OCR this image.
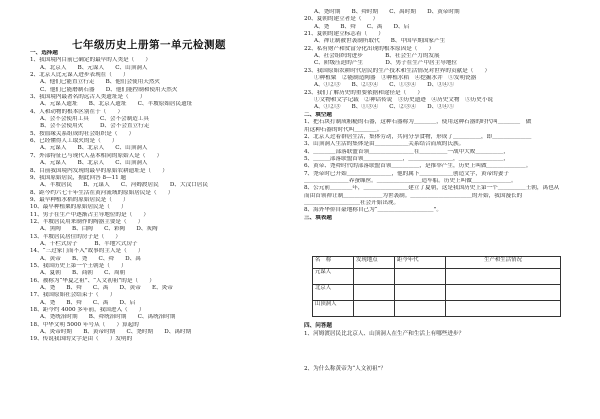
七年级历史上册第一单元检测题
一、选择题
1、我国境内目前已确定的最早的人类是（　　）
A、北京人　　B、元谋人　　C、山顶洞人
2、北京人比元谋人进步表现在（　　）
A、他们已能直立行走　　B、他们会使用天然火
C、他们已能磨制石器　　D、他们能控制和使用天然火
3、我国境内最著名的远古人类遗址是（　　）
A、元谋人遗址　　B、北京人遗址　　C、半坡原始居民遗址
4、人和动物的根本区别在于（　　）
A、会不会使用工具　　C、会不会制造工具
B、会不会使用火　　　D、会不会直立行走
5、按血缘关系组成的社会组织是（　　）
6、已经懂得人工取火的是（　　）
A、元谋人　　B、北京人　　C、山顶洞人
7、外部特征已与现代人基本相同的原始人是（　　）
A、元谋人　　B、北京人　　C、山顶洞人
8、目前我国境内发现的最早的原始农耕遗址是（　　）
9、我国原始居民，据此回答 8—11 题
A、半坡居民　　B、元谋人　　C、河姆渡居民　　D、大汶口居民
8、距今约六七千年生活在黄河流域的原始居民是（　　）
9、最早种植水稻的原始居民是（　　）
10、最早种植粟的原始居民是（　　）
11、男子在生产中逐渐占主导地位的是（　　）
12、半坡居民用来制作的陶器主要是（　　）
A、黑陶　　B、白陶　　C、彩陶　　D、灰陶
13、半坡居民居住的房子是（　　）
A、干栏式房子　　　B、半地穴式房子
14、“三过家门而不入”故事的主人是（　　）
A、黄帝　　B、尧　　C、舜　　D、禹
15、我国历史上第一个王朝是（　　）
A、夏朝　　B、商朝　　C、周朝
16、被称为“华夏之祖”、“人文初祖”的是（　　）
A、尧　　B、舜　　C、禹　　D、黄帝　　E、炎帝
17、我国原始社会结束于（　　）
A、尧　　B、舜　　C、禹　　D、启
18、距今约 4000 多年前，我国进入（　　）
A、尧统治时期　　B、舜统治时期　　C、禹统治时期
18、中华文明 5000 年号从（　　）算起的
A、炎帝时期　　B、黄帝时期　　C、尧时期　　D、禹时期
19、传说我国的文字是由（　　）发明的
A、尧时期　　B、舜时期　　C、禹时期　　D、黄帝时期
20、夏朝的建立者是（　　）
A、尧　　B、舜　　C、禹　　D、启
21、夏朝的建立标志着（　　）
A、禅让制被世袭制所取代　　B、中国早期国家产生
22、私有财产和贫富分化出现的根本原因是（　　）
A、社会组织的进步　　　　B、社会生产力的发展
C、阶级压迫的产生　　　　D、男子在生产中居主导地位
23、我国原始农耕时代居民的生产技术和生活情况对世界的贡献是（　　）
①种植粟　②能制造陶器　③种植水稻　④挖掘水井　⑤发明瓷器
A、①②③　　B、②③④　　C、①③④　　D、③④⑤
23、我们了解历史的重要依据和途径是（　　）
①文物和文字记载　②神话传说　③历史遗迹　④历史文物　⑤历史小说
A、①②③　　B、①③④　　C、②③④　　D、③④⑤
二、填空题
1、把石块打制成粗糙的石器，这种石器称为＿＿＿＿，使用这种石器的时代叫＿＿＿＿　做
用这种石器的时代叫＿＿＿＿。
2、北京人过着群居生活，集体劳动，共同分享食物，形成了＿＿＿＿＿，即＿＿＿＿＿＿＿
3、山顶洞人生活的集体是由＿＿＿＿＿＿关系结合而成的氏族。
4、＿＿＿＿部落联盟首领＿＿＿＿＿＿＿＿在＿＿＿＿＿一战中大败＿＿＿＿＿，
5、＿＿＿部落联盟首领＿＿＿＿＿＿＿，＿＿＿＿＿＿＿＿，＿＿＿＿＿＿＿＿，
6、黄帝、尧舜时代的部落联盟首领＿＿＿＿＿，是推举产生，历史上叫做＿＿＿＿＿＿＿。
7、尧帝时已开始＿＿＿＿＿＿＿＿，他的属下＿＿＿＿＿＿创造文字，黄帝的妻子
＿＿＿＿＿＿＿＿养蚕缫丝。＿＿＿＿＿＿＿＿造车船。历史上叫做＿＿＿＿＿＿＿。
8、公元前＿＿＿＿年，＿＿＿＿＿＿＿＿建立了夏朝，这是我国历史上第一个＿＿＿＿＿王朝，禹也从
而由首领禅让制＿＿＿＿＿＿＿为世袭制。＿＿＿＿＿＿＿＿＿＿＿的开始，我国漫长的
＿＿＿＿＿＿＿＿＿＿社会开始出现。
8、海外华侨自豪地称自己为“＿＿＿＿＿＿＿＿＿＿”。
三、填表题
名　称	发现地点	距今年代	生产和生活情况
元谋人			
北京人			
山顶洞人			
四、问答题
1、河姆渡居民比北京人、山顶洞人在生产和生活上有哪些进步？
2、为什么称黄帝为“人文初祖”？
